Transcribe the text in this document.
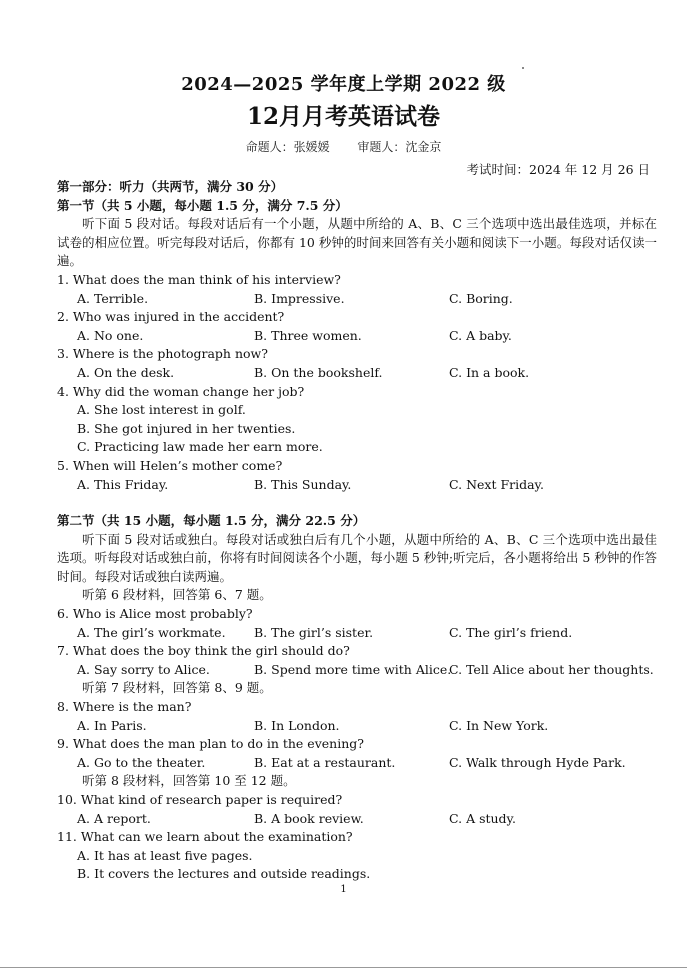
2024—2025 学年度上学期 2022 级
12月月考英语试卷
命题人：张媛媛 审题人：沈金京
考试时间：2024 年 12 月 26 日
第一部分：听力（共两节，满分 30 分）
第一节（共 5 小题，每小题 1.5 分，满分 7.5 分）
听下面 5 段对话。每段对话后有一个小题，从题中所给的 A、B、C 三个选项中选出最佳选项，并标在试卷的相应位置。听完每段对话后，你都有 10 秒钟的时间来回答有关小题和阅读下一小题。每段对话仅读一遍。
1. What does the man think of his interview?
A. Terrible.	B. Impressive.	C. Boring.
2. Who was injured in the accident?
A. No one.	B. Three women.	C. A baby.
3. Where is the photograph now?
A. On the desk.	B. On the bookshelf.	C. In a book.
4. Why did the woman change her job?
A. She lost interest in golf.
B. She got injured in her twenties.
C. Practicing law made her earn more.
5. When will Helen’s mother come?
A. This Friday.	B. This Sunday.	C. Next Friday.
第二节（共 15 小题，每小题 1.5 分，满分 22.5 分）
听下面 5 段对话或独白。每段对话或独白后有几个小题，从题中所给的 A、B、C 三个选项中选出最佳选项。听每段对话或独白前，你将有时间阅读各个小题，每小题 5 秒钟;听完后，各小题将给出 5 秒钟的作答时间。每段对话或独白读两遍。
听第 6 段材料，回答第 6、7 题。
6. Who is Alice most probably?
A. The girl’s workmate. B. The girl’s sister.	C. The girl’s friend.
7. What does the boy think the girl should do?
A. Say sorry to Alice.	B. Spend more time with Alice.
C. Tell Alice about her thoughts.
听第 7 段材料，回答第 8、9 题。
8. Where is the man?
A. In Paris.	B. In London.	C. In New York.
9. What does the man plan to do in the evening?
A. Go to the theater.	B. Eat at a restaurant.	C. Walk through Hyde Park.
听第 8 段材料，回答第 10 至 12 题。
10. What kind of research paper is required?
A. A report.	B. A book review.	C. A study.
11. What can we learn about the examination?
A. It has at least five pages.
B. It covers the lectures and outside readings.
1
